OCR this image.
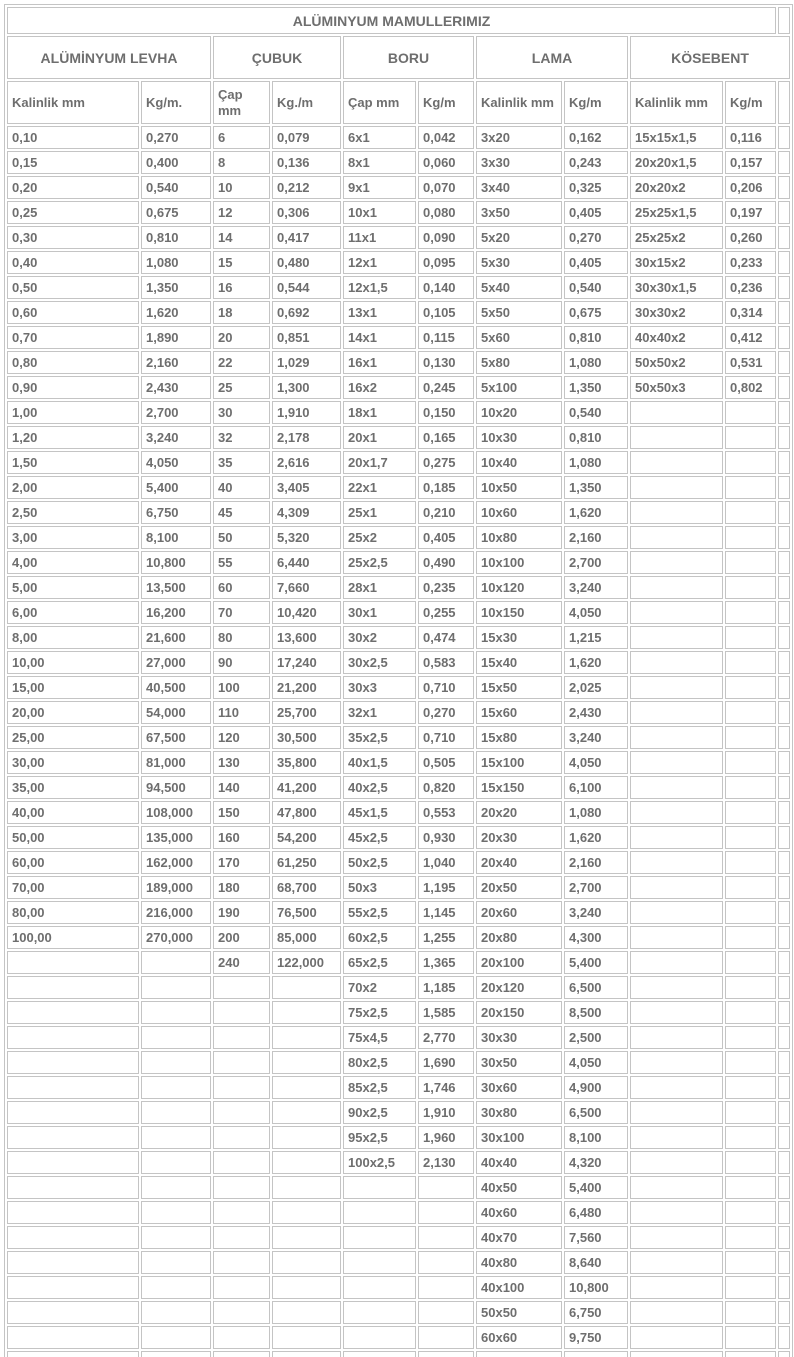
ALÜMINYUM MAMULLERIMIZ										
ALÜMİNYUM LEVHA		ÇUBUK		BORU		LAMA		KÖSEBENT		
Kalinlik mm	Kg/m.	Çap mm	Kg./m	Çap mm	Kg/m	Kalinlik mm	Kg/m	Kalinlik mm	Kg/m	
0,10	0,270	6	0,079	6x1	0,042	3x20	0,162	15x15x1,5	0,116	
0,15	0,400	8	0,136	8x1	0,060	3x30	0,243	20x20x1,5	0,157	
0,20	0,540	10	0,212	9x1	0,070	3x40	0,325	20x20x2	0,206	
0,25	0,675	12	0,306	10x1	0,080	3x50	0,405	25x25x1,5	0,197	
0,30	0,810	14	0,417	11x1	0,090	5x20	0,270	25x25x2	0,260	
0,40	1,080	15	0,480	12x1	0,095	5x30	0,405	30x15x2	0,233	
0,50	1,350	16	0,544	12x1,5	0,140	5x40	0,540	30x30x1,5	0,236	
0,60	1,620	18	0,692	13x1	0,105	5x50	0,675	30x30x2	0,314	
0,70	1,890	20	0,851	14x1	0,115	5x60	0,810	40x40x2	0,412	
0,80	2,160	22	1,029	16x1	0,130	5x80	1,080	50x50x2	0,531	
0,90	2,430	25	1,300	16x2	0,245	5x100	1,350	50x50x3	0,802	
1,00	2,700	30	1,910	18x1	0,150	10x20	0,540			
1,20	3,240	32	2,178	20x1	0,165	10x30	0,810			
1,50	4,050	35	2,616	20x1,7	0,275	10x40	1,080			
2,00	5,400	40	3,405	22x1	0,185	10x50	1,350			
2,50	6,750	45	4,309	25x1	0,210	10x60	1,620			
3,00	8,100	50	5,320	25x2	0,405	10x80	2,160			
4,00	10,800	55	6,440	25x2,5	0,490	10x100	2,700			
5,00	13,500	60	7,660	28x1	0,235	10x120	3,240			
6,00	16,200	70	10,420	30x1	0,255	10x150	4,050			
8,00	21,600	80	13,600	30x2	0,474	15x30	1,215			
10,00	27,000	90	17,240	30x2,5	0,583	15x40	1,620			
15,00	40,500	100	21,200	30x3	0,710	15x50	2,025			
20,00	54,000	110	25,700	32x1	0,270	15x60	2,430			
25,00	67,500	120	30,500	35x2,5	0,710	15x80	3,240			
30,00	81,000	130	35,800	40x1,5	0,505	15x100	4,050			
35,00	94,500	140	41,200	40x2,5	0,820	15x150	6,100			
40,00	108,000	150	47,800	45x1,5	0,553	20x20	1,080			
50,00	135,000	160	54,200	45x2,5	0,930	20x30	1,620			
60,00	162,000	170	61,250	50x2,5	1,040	20x40	2,160			
70,00	189,000	180	68,700	50x3	1,195	20x50	2,700			
80,00	216,000	190	76,500	55x2,5	1,145	20x60	3,240			
100,00	270,000	200	85,000	60x2,5	1,255	20x80	4,300			
		240	122,000	65x2,5	1,365	20x100	5,400			
				70x2	1,185	20x120	6,500			
				75x2,5	1,585	20x150	8,500			
				75x4,5	2,770	30x30	2,500			
				80x2,5	1,690	30x50	4,050			
				85x2,5	1,746	30x60	4,900			
				90x2,5	1,910	30x80	6,500			
				95x2,5	1,960	30x100	8,100			
				100x2,5	2,130	40x40	4,320			
						40x50	5,400			
						40x60	6,480			
						40x70	7,560			
						40x80	8,640			
						40x100	10,800			
						50x50	6,750			
						60x60	9,750			
